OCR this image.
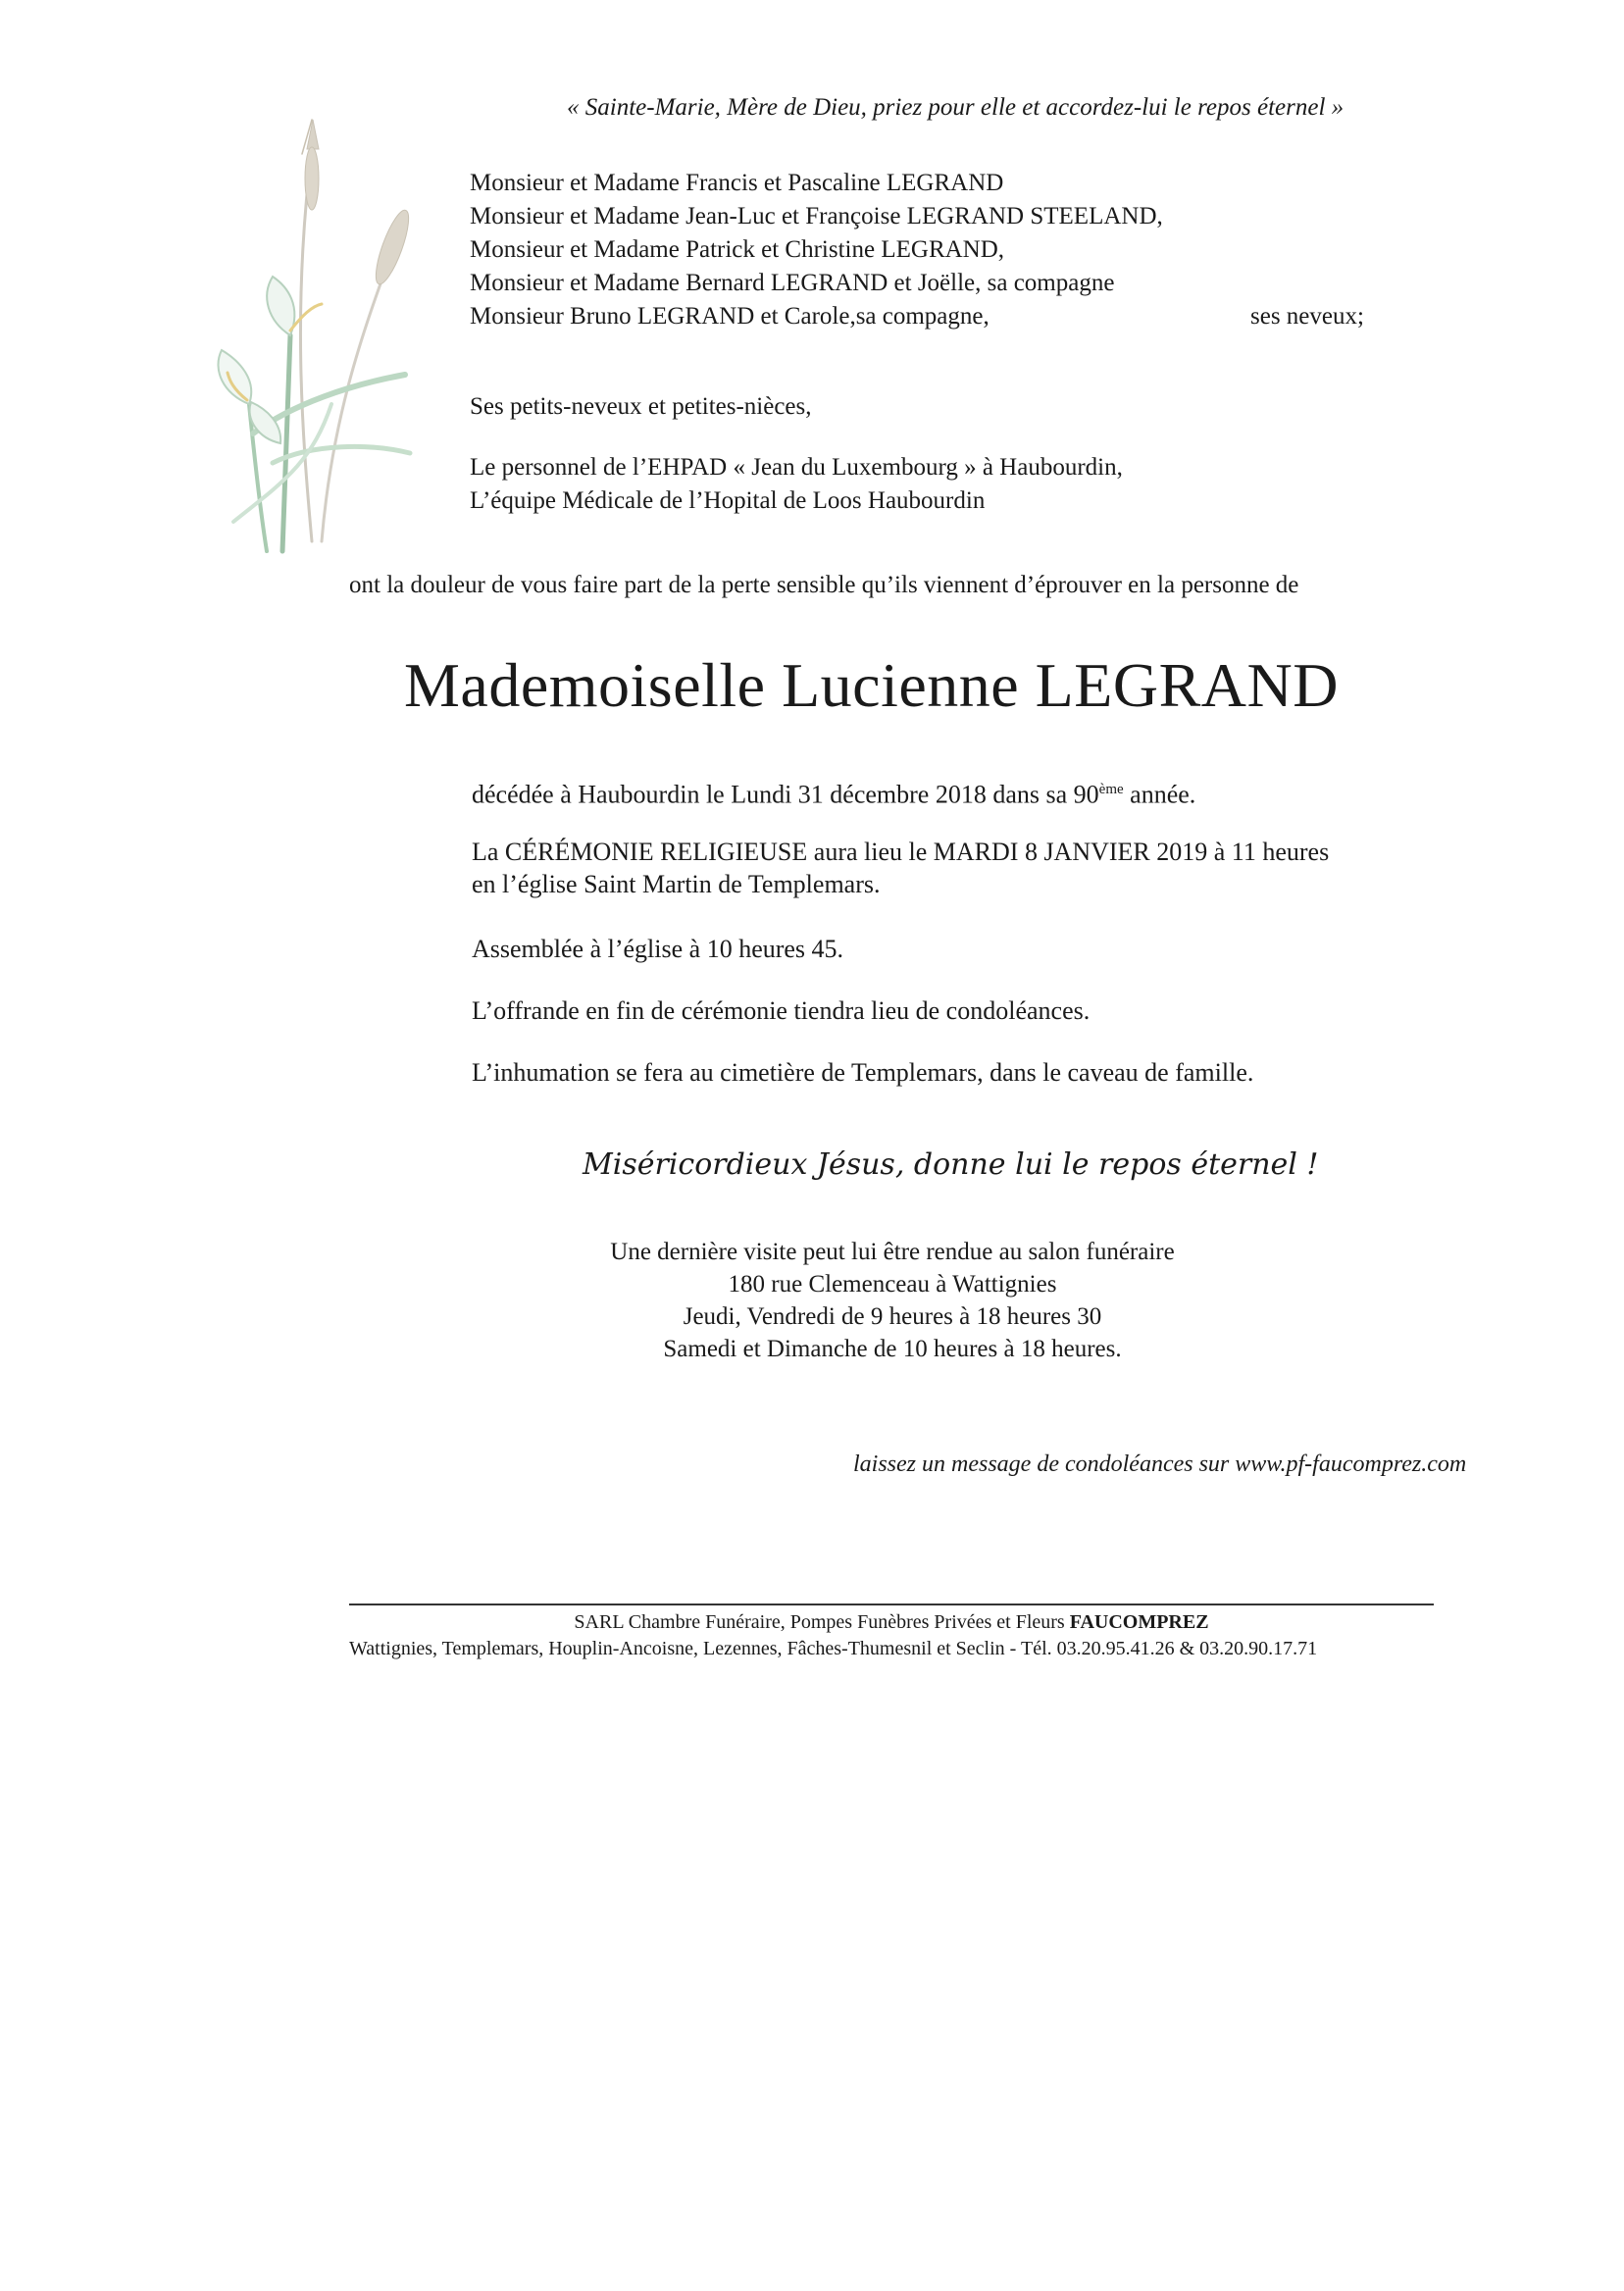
« Sainte-Marie, Mère de Dieu, priez pour elle et accordez-lui le repos éternel »
Monsieur et Madame Francis et Pascaline LEGRAND
Monsieur et Madame Jean-Luc et Françoise LEGRAND STEELAND,
Monsieur et Madame Patrick et Christine LEGRAND,
Monsieur et Madame Bernard LEGRAND et Joëlle, sa compagne
Monsieur Bruno LEGRAND et Carole,sa compagne,	ses neveux;
Ses petits-neveux et petites-nièces,
Le personnel de l’EHPAD « Jean du Luxembourg » à Haubourdin,
L’équipe Médicale de l’Hopital de Loos Haubourdin
ont la douleur de vous faire part de la perte sensible qu’ils viennent d’éprouver en la personne de
Mademoiselle Lucienne LEGRAND
décédée à Haubourdin le Lundi 31 décembre 2018 dans sa 90ème année.
La CÉRÉMONIE RELIGIEUSE aura lieu le MARDI 8 JANVIER 2019 à 11 heures
en l’église Saint Martin de Templemars.
Assemblée à l’église à 10 heures 45.
L’offrande en fin de cérémonie tiendra lieu de condoléances.
L’inhumation se fera au cimetière de Templemars, dans le caveau de famille.
Miséricordieux Jésus, donne lui le repos éternel !
Une dernière visite peut lui être rendue au salon funéraire
180 rue Clemenceau à Wattignies
Jeudi, Vendredi de 9 heures à 18 heures 30
Samedi et Dimanche de 10 heures à 18 heures.
laissez un message de condoléances sur www.pf-faucomprez.com
SARL Chambre Funéraire, Pompes Funèbres Privées et Fleurs FAUCOMPREZ
Wattignies, Templemars, Houplin-Ancoisne, Lezennes, Fâches-Thumesnil et Seclin - Tél. 03.20.95.41.26 & 03.20.90.17.71
